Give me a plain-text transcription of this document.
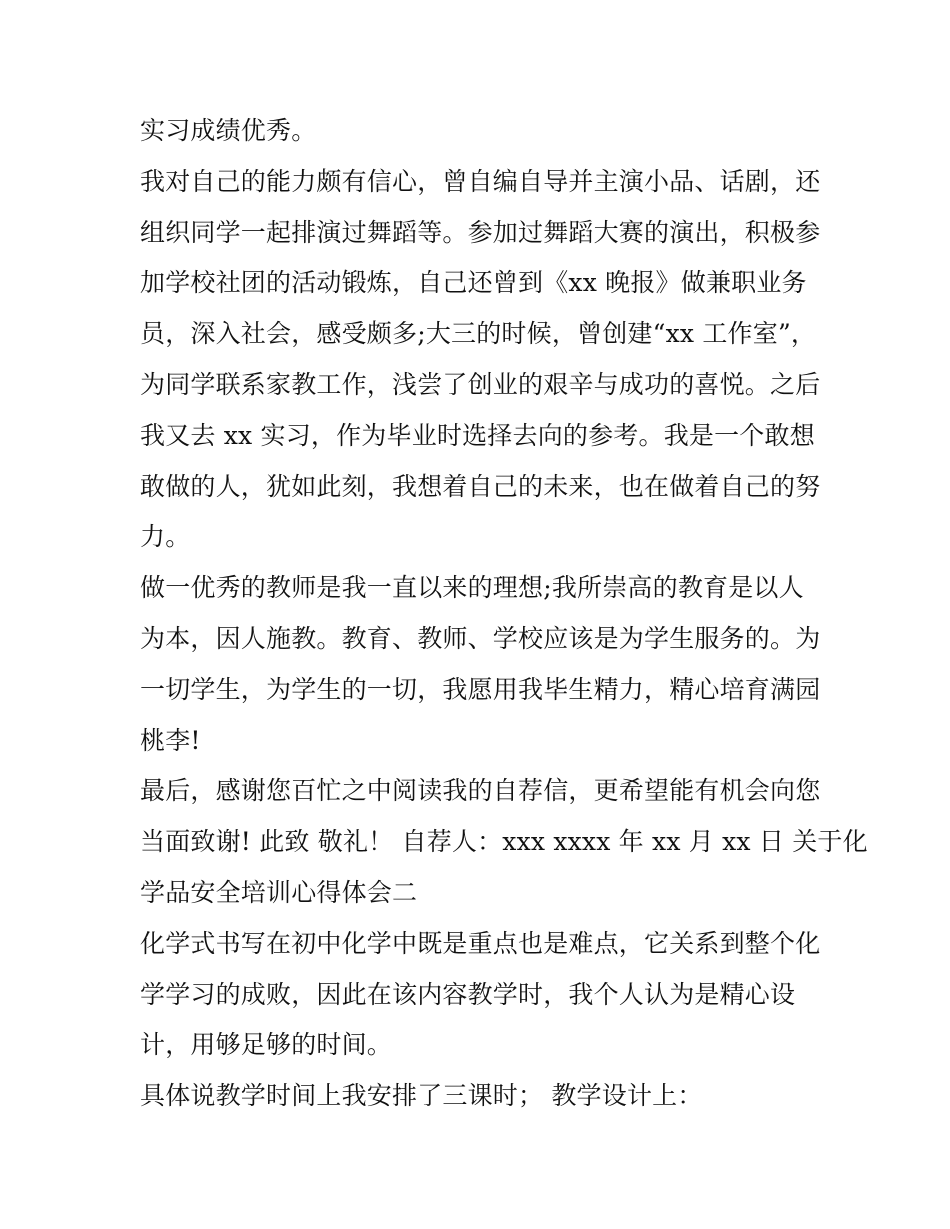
实习成绩优秀。
我对自己的能力颇有信心，曾自编自导并主演小品、话剧，还
组织同学一起排演过舞蹈等。参加过舞蹈大赛的演出，积极参
加学校社团的活动锻炼，自己还曾到《xx 晚报》做兼职业务
员，深入社会，感受颇多;大三的时候，曾创建“xx 工作室”，
为同学联系家教工作，浅尝了创业的艰辛与成功的喜悦。之后
我又去 xx 实习，作为毕业时选择去向的参考。我是一个敢想
敢做的人，犹如此刻，我想着自己的未来，也在做着自己的努
力。
做一优秀的教师是我一直以来的理想;我所崇高的教育是以人
为本，因人施教。教育、教师、学校应该是为学生服务的。为
一切学生，为学生的一切，我愿用我毕生精力，精心培育满园
桃李!
最后，感谢您百忙之中阅读我的自荐信，更希望能有机会向您
当面致谢! 此致 敬礼！ 自荐人：xxx xxxx 年 xx 月 xx 日 关于化
学品安全培训心得体会二
化学式书写在初中化学中既是重点也是难点，它关系到整个化
学学习的成败，因此在该内容教学时，我个人认为是精心设
计，用够足够的时间。
具体说教学时间上我安排了三课时； 教学设计上：
